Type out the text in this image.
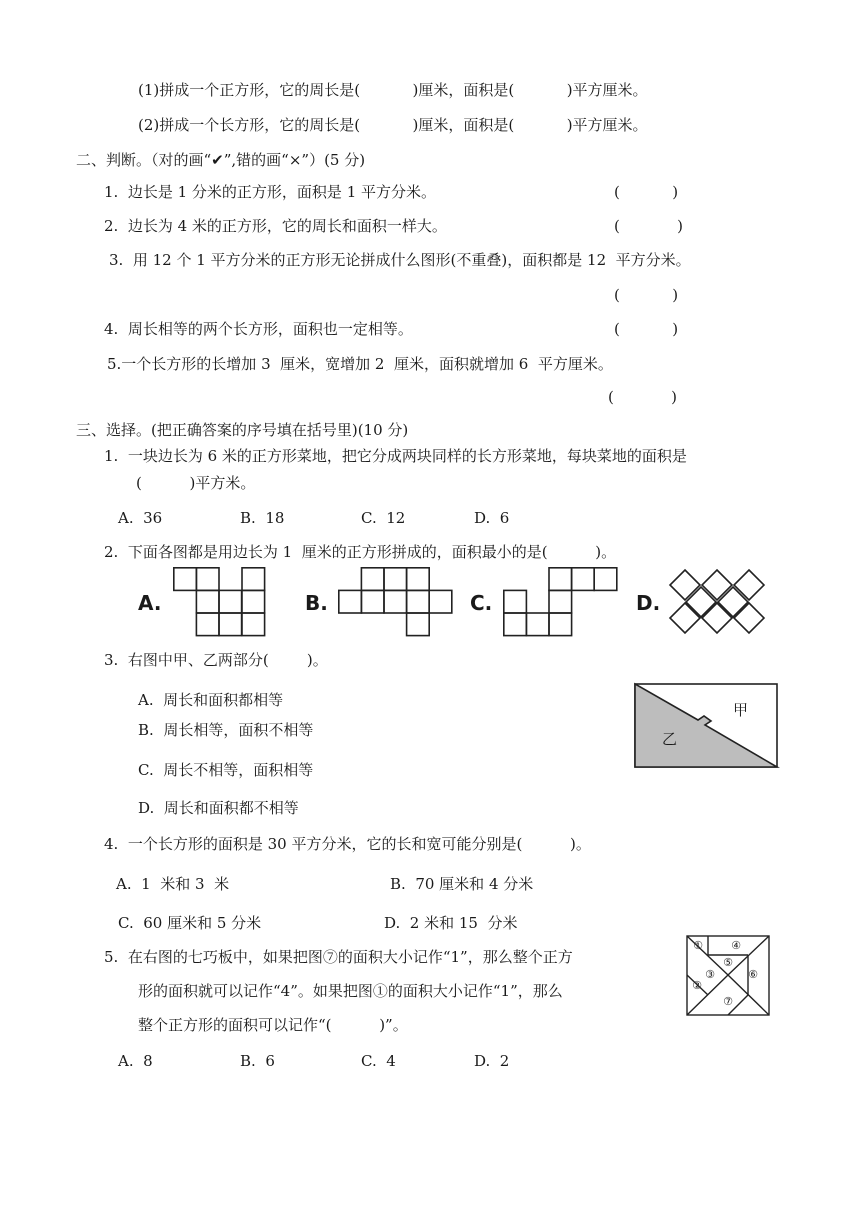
(1)拼成一个正方形，它的周长是(           )厘米，面积是(           )平方厘米。
(2)拼成一个长方形，它的周长是(           )厘米，面积是(           )平方厘米。
二、判断。（对的画“✔”,错的画“×”）(5 分)
1.  边长是 1 分米的正方形，面积是 1 平方分米。	(           )
2.  边长为 4 米的正方形，它的周长和面积一样大。	(            )
3.  用 12 个 1 平方分米的正方形无论拼成什么图形(不重叠)，面积都是 12  平方分米。
(           )
4.  周长相等的两个长方形，面积也一定相等。	(           )
5.一个长方形的长增加 3  厘米，宽增加 2  厘米，面积就增加 6  平方厘米。
(            )
三、选择。(把正确答案的序号填在括号里)(10 分)
1.  一块边长为 6 米的正方形菜地，把它分成两块同样的长方形菜地，每块菜地的面积是
(          )平方米。
A.  36	B.  18	C.  12	D.  6
2.  下面各图都是用边长为 1  厘米的正方形拼成的，面积最小的是(          )。
A.	B.	C.	D.
3.  右图中甲、乙两部分(        )。
A.  周长和面积都相等
B.  周长相等，面积不相等
C.  周长不相等，面积相等
D.  周长和面积都不相等
甲
乙
4.  一个长方形的面积是 30 平方分米，它的长和宽可能分别是(          )。
A.  1  米和 3  米	B.  70 厘米和 4 分米
C.  60 厘米和 5 分米	D.  2 米和 15  分米
5.  在右图的七巧板中，如果把图⑦的面积大小记作“1”，那么整个正方
形的面积就可以记作“4”。如果把图①的面积大小记作“1”，那么
整个正方形的面积可以记作“(          )”。
①
②
③
④
⑤
⑥
⑦
A.  8	B.  6	C.  4	D.  2
